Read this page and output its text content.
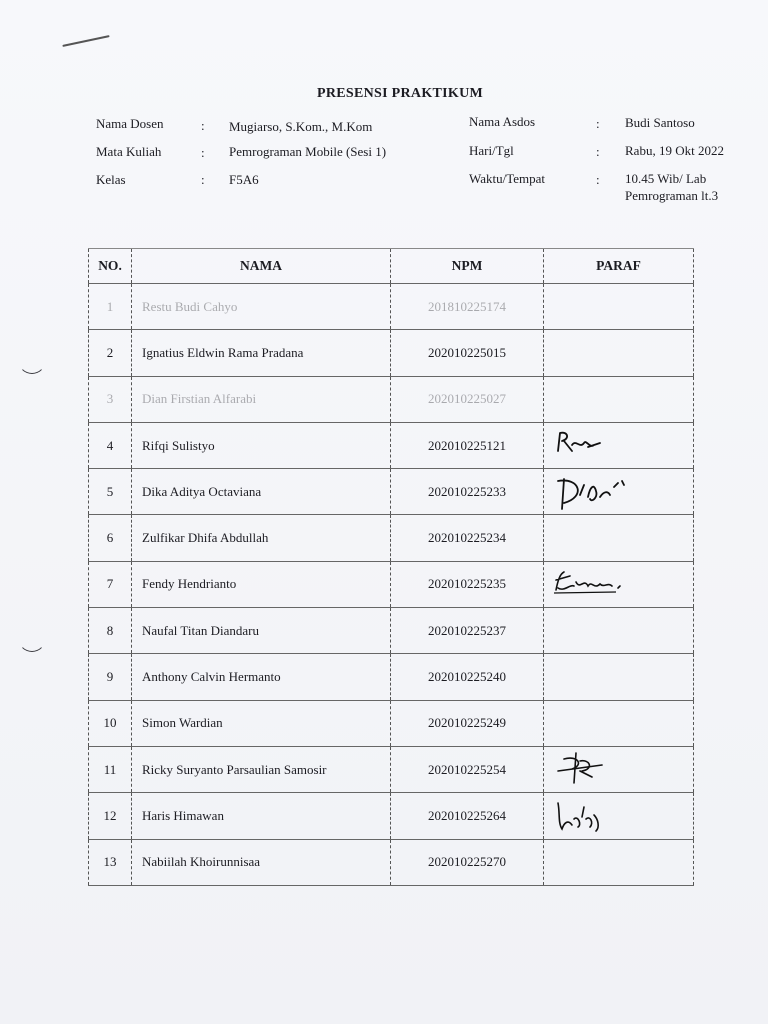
PRESENSI PRAKTIKUM
Nama Dosen	: Mugiarso, S.Kom., M.Kom
Mata Kuliah	: Pemrograman Mobile (Sesi 1)
Kelas	: F5A6
Nama Asdos	: Budi Santoso
Hari/Tgl	: Rabu, 19 Okt 2022
Waktu/Tempat	: 10.45 Wib/ Lab
Pemrograman lt.3
NO.	NAMA	NPM	PARAF
1	Restu Budi Cahyo	201810225174	
2	Ignatius Eldwin Rama Pradana	202010225015	
3	Dian Firstian Alfarabi	202010225027	
4	Rifqi Sulistyo	202010225121	

5	Dika Aditya Octaviana	202010225233	

6	Zulfikar Dhifa Abdullah	202010225234	
7	Fendy Hendrianto	202010225235	

8	Naufal Titan Diandaru	202010225237	
9	Anthony Calvin Hermanto	202010225240	
10	Simon Wardian	202010225249	
11	Ricky Suryanto Parsaulian Samosir	202010225254	

12	Haris Himawan	202010225264	

13	Nabiilah Khoirunnisaa	202010225270	
